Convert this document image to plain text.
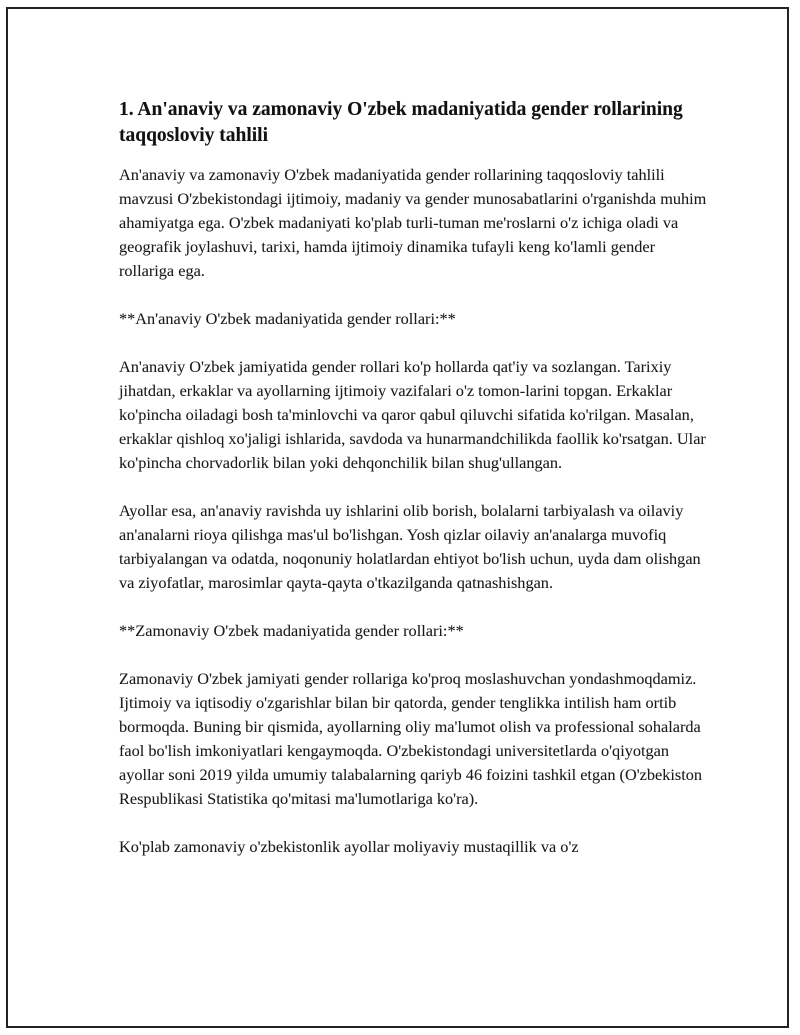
1. An'anaviy va zamonaviy O'zbek madaniyatida gender rollarining taqqosloviy tahlili

An'anaviy va zamonaviy O'zbek madaniyatida gender rollarining taqqosloviy tahlili mavzusi O'zbekistondagi ijtimoiy, madaniy va gender munosabatlarini o'rganishda muhim ahamiyatga ega. O'zbek madaniyati ko'plab turli-tuman me'roslarni o'z ichiga oladi va geografik joylashuvi, tarixi, hamda ijtimoiy dinamika tufayli keng ko'lamli gender rollariga ega.

**An'anaviy O'zbek madaniyatida gender rollari:**

An'anaviy O'zbek jamiyatida gender rollari ko'p hollarda qat'iy va sozlangan. Tarixiy jihatdan, erkaklar va ayollarning ijtimoiy vazifalari o'z tomon-larini topgan. Erkaklar ko'pincha oiladagi bosh ta'minlovchi va qaror qabul qiluvchi sifatida ko'rilgan. Masalan, erkaklar qishloq xo'jaligi ishlarida, savdoda va hunarmandchilikda faollik ko'rsatgan. Ular ko'pincha chorvadorlik bilan yoki dehqonchilik bilan shug'ullangan.

Ayollar esa, an'anaviy ravishda uy ishlarini olib borish, bolalarni tarbiyalash va oilaviy an'analarni rioya qilishga mas'ul bo'lishgan. Yosh qizlar oilaviy an'analarga muvofiq tarbiyalangan va odatda, noqonuniy holatlardan ehtiyot bo'lish uchun, uyda dam olishgan va ziyofatlar, marosimlar qayta-qayta o'tkazilganda qatnashishgan.

**Zamonaviy O'zbek madaniyatida gender rollari:**

Zamonaviy O'zbek jamiyati gender rollariga ko'proq moslashuvchan yondashmoqdamiz. Ijtimoiy va iqtisodiy o'zgarishlar bilan bir qatorda, gender tenglikka intilish ham ortib bormoqda. Buning bir qismida, ayollarning oliy ma'lumot olish va professional sohalarda faol bo'lish imkoniyatlari kengaymoqda. O'zbekistondagi universitetlarda o'qiyotgan ayollar soni 2019 yilda umumiy talabalarning qariyb 46 foizini tashkil etgan (O'zbekiston Respublikasi Statistika qo'mitasi ma'lumotlariga ko'ra).

Ko'plab zamonaviy o'zbekistonlik ayollar moliyaviy mustaqillik va o'z
